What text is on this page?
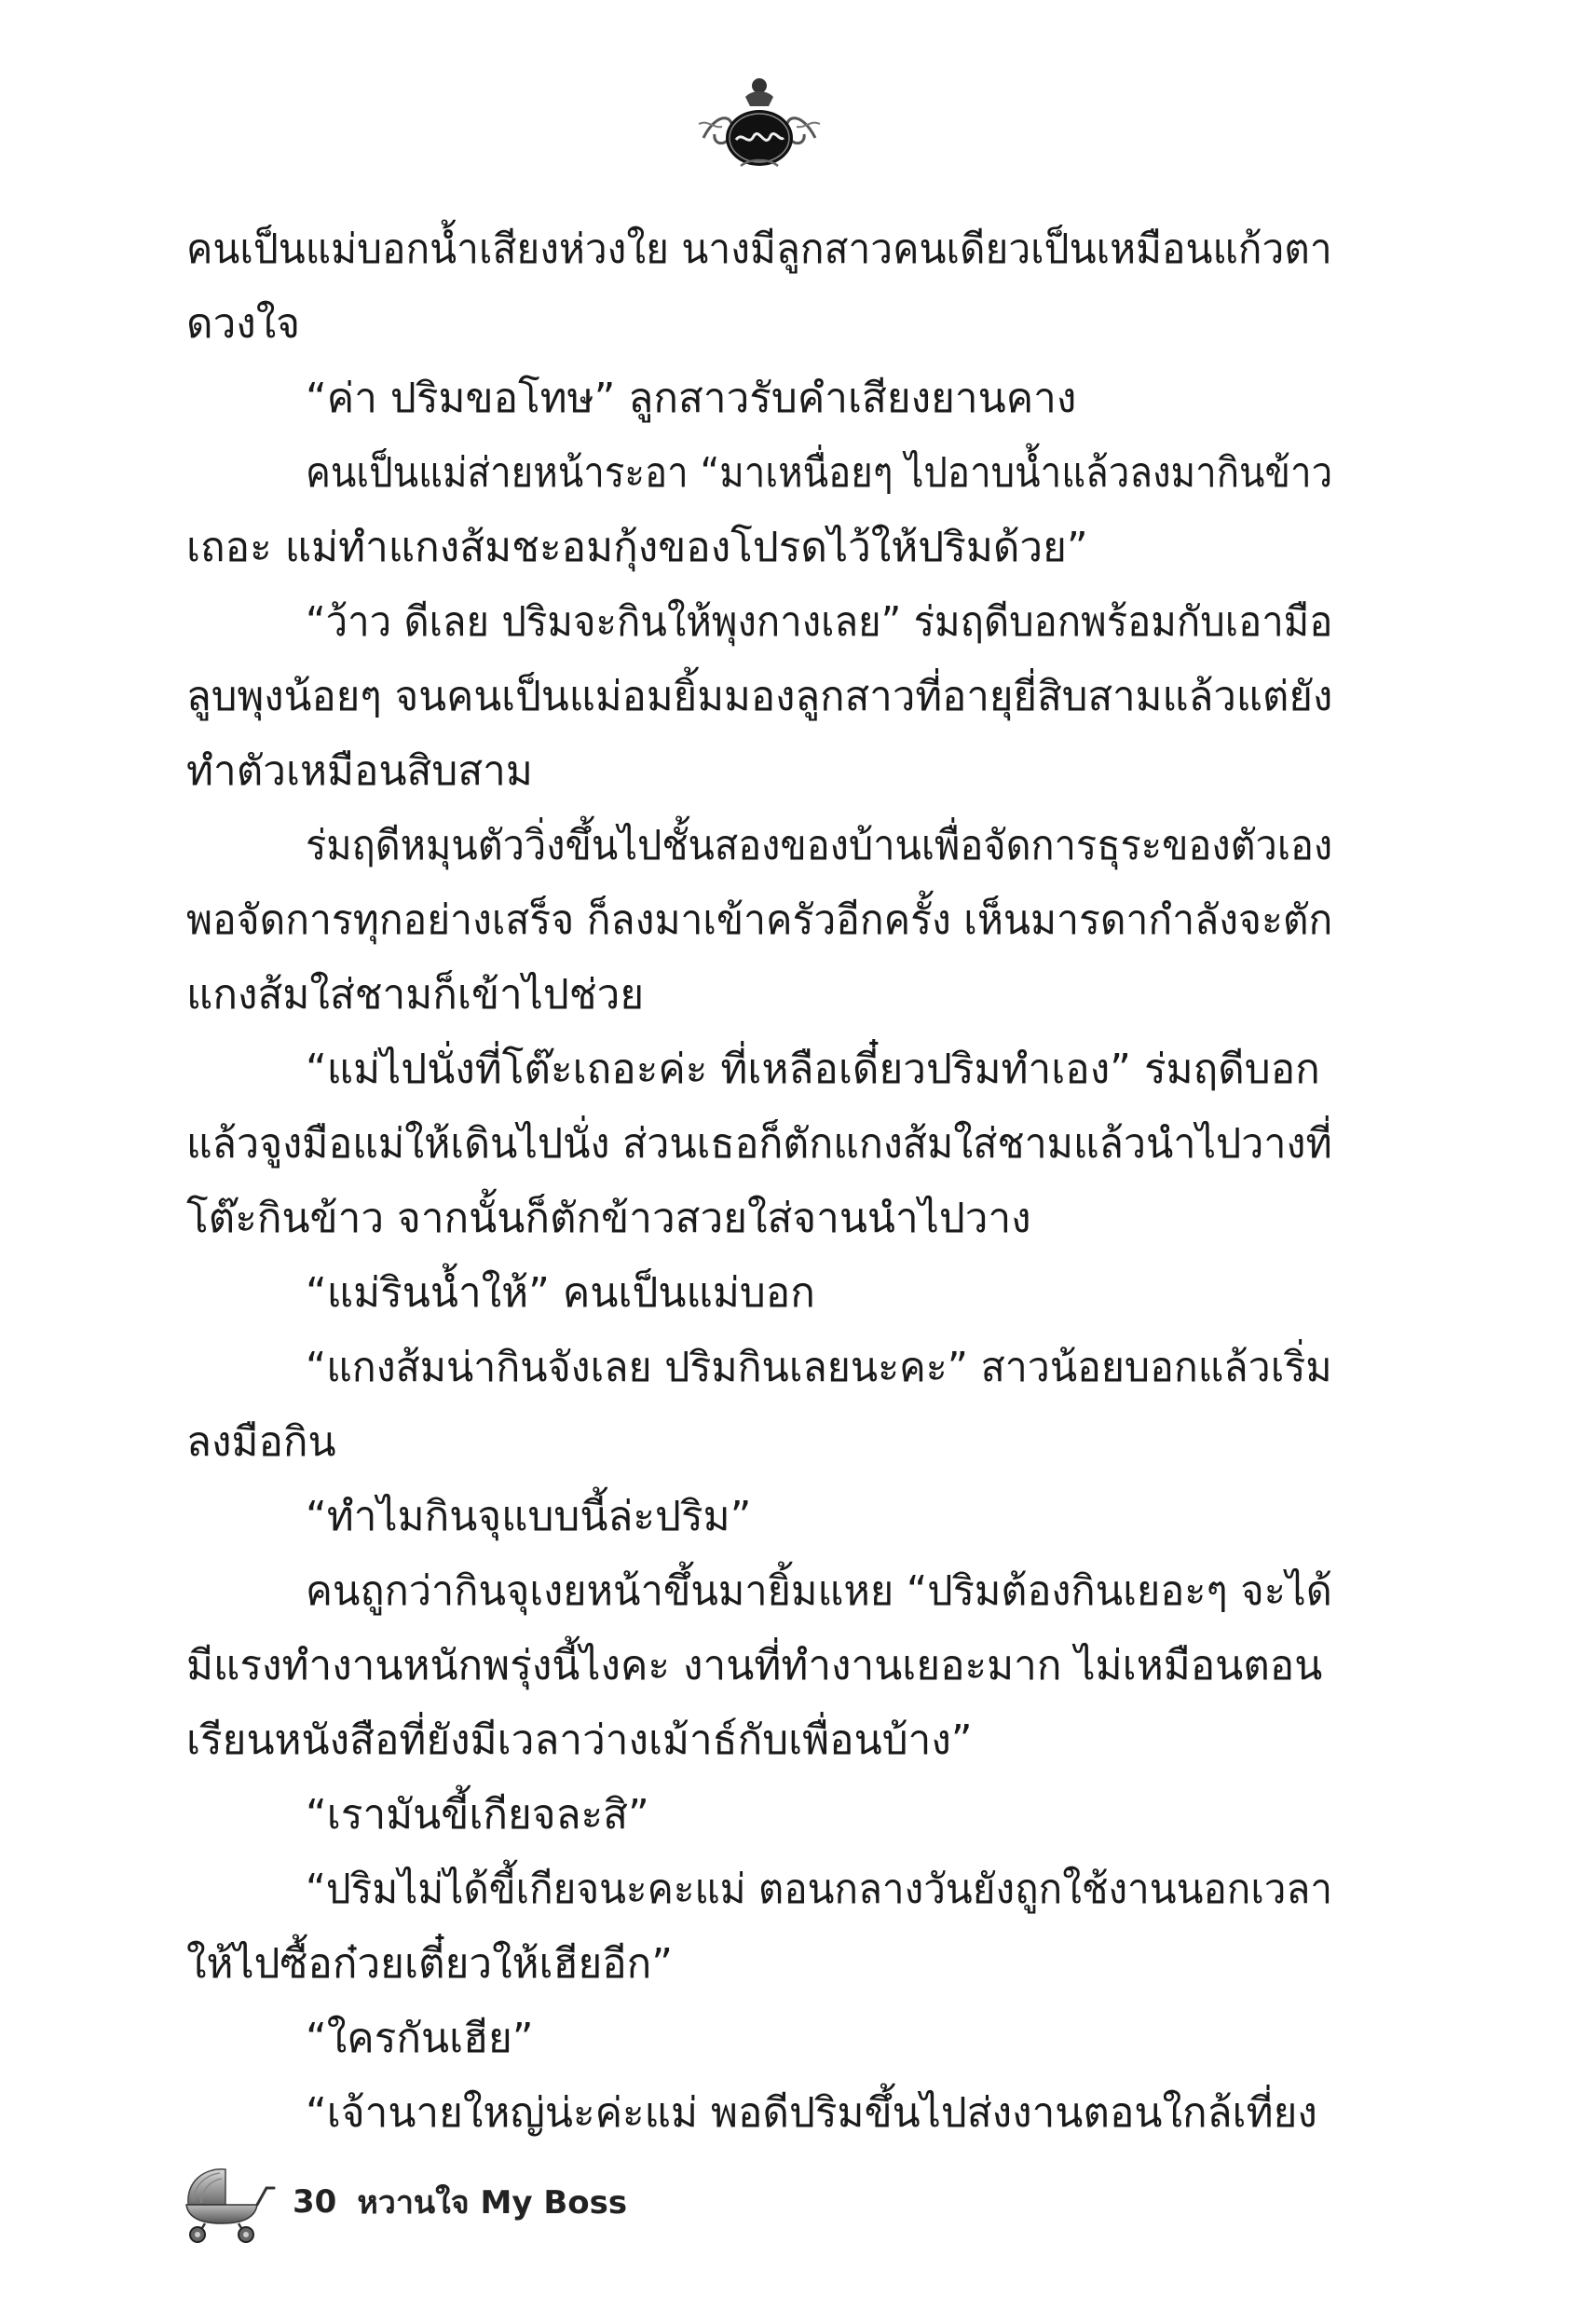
คนเป็นแม่บอกน้ำเสียงห่วงใย นางมีลูกสาวคนเดียวเป็นเหมือนแก้วตา
ดวงใจ
“ค่า ปริมขอโทษ” ลูกสาวรับคำเสียงยานคาง
คนเป็นแม่ส่ายหน้าระอา “มาเหนื่อยๆ ไปอาบน้ำแล้วลงมากินข้าว
เถอะ แม่ทำแกงส้มชะอมกุ้งของโปรดไว้ให้ปริมด้วย”
“ว้าว ดีเลย ปริมจะกินให้พุงกางเลย” ร่มฤดีบอกพร้อมกับเอามือ
ลูบพุงน้อยๆ จนคนเป็นแม่อมยิ้มมองลูกสาวที่อายุยี่สิบสามแล้วแต่ยัง
ทำตัวเหมือนสิบสาม
ร่มฤดีหมุนตัววิ่งขึ้นไปชั้นสองของบ้านเพื่อจัดการธุระของตัวเอง
พอจัดการทุกอย่างเสร็จ ก็ลงมาเข้าครัวอีกครั้ง เห็นมารดากำลังจะตัก
แกงส้มใส่ชามก็เข้าไปช่วย
“แม่ไปนั่งที่โต๊ะเถอะค่ะ ที่เหลือเดี๋ยวปริมทำเอง” ร่มฤดีบอก
แล้วจูงมือแม่ให้เดินไปนั่ง ส่วนเธอก็ตักแกงส้มใส่ชามแล้วนำไปวางที่
โต๊ะกินข้าว จากนั้นก็ตักข้าวสวยใส่จานนำไปวาง
“แม่รินน้ำให้” คนเป็นแม่บอก
“แกงส้มน่ากินจังเลย ปริมกินเลยนะคะ” สาวน้อยบอกแล้วเริ่ม
ลงมือกิน
“ทำไมกินจุแบบนี้ล่ะปริม”
คนถูกว่ากินจุเงยหน้าขึ้นมายิ้มแหย “ปริมต้องกินเยอะๆ จะได้
มีแรงทำงานหนักพรุ่งนี้ไงคะ งานที่ทำงานเยอะมาก ไม่เหมือนตอน
เรียนหนังสือที่ยังมีเวลาว่างเม้าธ์กับเพื่อนบ้าง”
“เรามันขี้เกียจละสิ”
“ปริมไม่ได้ขี้เกียจนะคะแม่ ตอนกลางวันยังถูกใช้งานนอกเวลา
ให้ไปซื้อก๋วยเตี๋ยวให้เฮียอีก”
“ใครกันเฮีย”
“เจ้านายใหญ่น่ะค่ะแม่ พอดีปริมขึ้นไปส่งงานตอนใกล้เที่ยง
30 หวานใจ My Boss
